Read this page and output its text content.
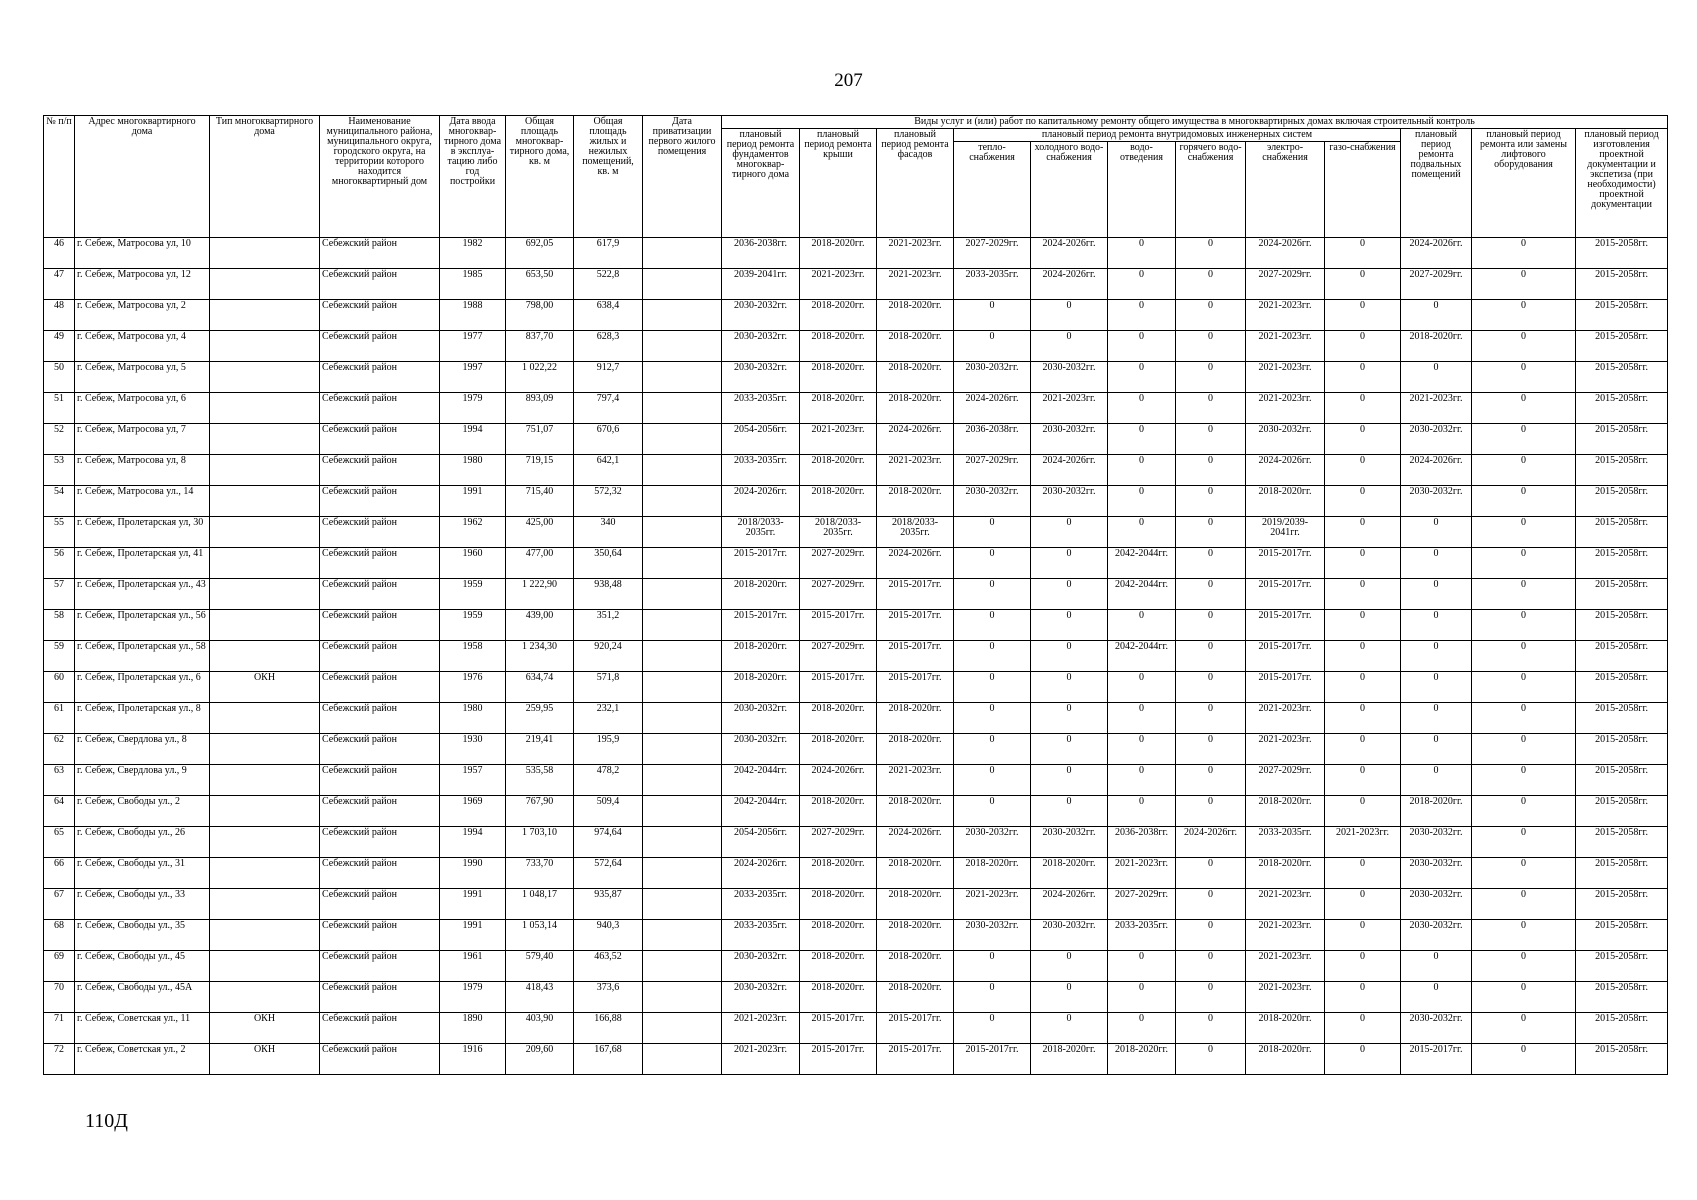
207
№ п/п	Адрес многоквартирного дома	Тип многоквартирного дома	Наименование муниципального района, муниципального округа, городского округа, на территории которого находится многоквартирный дом	Дата ввода многоквар-тирного дома в эксплуа-тацию либо год постройки	Общая площадь многоквар-тирного дома, кв. м	Общая площадь жилых и нежилых помещений, кв. м	Дата приватизации первого жилого помещения	Виды услуг и (или) работ по капитальному ремонту общего имущества в многоквартирных домах включая строительный контроль											
								плановый период ремонта фундаментов многоквар-тирного дома	плановый период ремонта крыши	плановый период ремонта фасадов	плановый период ремонта внутридомовых инженерных систем						плановый период ремонта подвальных помещений	плановый период ремонта или замены лифтового оборудования	плановый период изготовления проектной документации и экспетиза (при необходимости) проектной документации
											тепло-снабжения	холодного водо-снабжения	водо-отведения	горячего водо-снабжения	электро-снабжения	газо-снабжения			
46	г. Себеж, Матросова ул, 10		Себежский район	1982	692,05	617,9		2036-2038гг.	2018-2020гг.	2021-2023гг.	2027-2029гг.	2024-2026гг.	0	0	2024-2026гг.	0	2024-2026гг.	0	2015-2058гг.
47	г. Себеж, Матросова ул, 12		Себежский район	1985	653,50	522,8		2039-2041гг.	2021-2023гг.	2021-2023гг.	2033-2035гг.	2024-2026гг.	0	0	2027-2029гг.	0	2027-2029гг.	0	2015-2058гг.
48	г. Себеж, Матросова ул, 2		Себежский район	1988	798,00	638,4		2030-2032гг.	2018-2020гг.	2018-2020гг.	0	0	0	0	2021-2023гг.	0	0	0	2015-2058гг.
49	г. Себеж, Матросова ул, 4		Себежский район	1977	837,70	628,3		2030-2032гг.	2018-2020гг.	2018-2020гг.	0	0	0	0	2021-2023гг.	0	2018-2020гг.	0	2015-2058гг.
50	г. Себеж, Матросова ул, 5		Себежский район	1997	1 022,22	912,7		2030-2032гг.	2018-2020гг.	2018-2020гг.	2030-2032гг.	2030-2032гг.	0	0	2021-2023гг.	0	0	0	2015-2058гг.
51	г. Себеж, Матросова ул, 6		Себежский район	1979	893,09	797,4		2033-2035гг.	2018-2020гг.	2018-2020гг.	2024-2026гг.	2021-2023гг.	0	0	2021-2023гг.	0	2021-2023гг.	0	2015-2058гг.
52	г. Себеж, Матросова ул, 7		Себежский район	1994	751,07	670,6		2054-2056гг.	2021-2023гг.	2024-2026гг.	2036-2038гг.	2030-2032гг.	0	0	2030-2032гг.	0	2030-2032гг.	0	2015-2058гг.
53	г. Себеж, Матросова ул, 8		Себежский район	1980	719,15	642,1		2033-2035гг.	2018-2020гг.	2021-2023гг.	2027-2029гг.	2024-2026гг.	0	0	2024-2026гг.	0	2024-2026гг.	0	2015-2058гг.
54	г. Себеж, Матросова ул., 14		Себежский район	1991	715,40	572,32		2024-2026гг.	2018-2020гг.	2018-2020гг.	2030-2032гг.	2030-2032гг.	0	0	2018-2020гг.	0	2030-2032гг.	0	2015-2058гг.
55	г. Себеж, Пролетарская ул, 30		Себежский район	1962	425,00	340		2018/2033-2035гг.	2018/2033-2035гг.	2018/2033-2035гг.	0	0	0	0	2019/2039-2041гг.	0	0	0	2015-2058гг.
56	г. Себеж, Пролетарская ул, 41		Себежский район	1960	477,00	350,64		2015-2017гг.	2027-2029гг.	2024-2026гг.	0	0	2042-2044гг.	0	2015-2017гг.	0	0	0	2015-2058гг.
57	г. Себеж, Пролетарская ул., 43		Себежский район	1959	1 222,90	938,48		2018-2020гг.	2027-2029гг.	2015-2017гг.	0	0	2042-2044гг.	0	2015-2017гг.	0	0	0	2015-2058гг.
58	г. Себеж, Пролетарская ул., 56		Себежский район	1959	439,00	351,2		2015-2017гг.	2015-2017гг.	2015-2017гг.	0	0	0	0	2015-2017гг.	0	0	0	2015-2058гг.
59	г. Себеж, Пролетарская ул., 58		Себежский район	1958	1 234,30	920,24		2018-2020гг.	2027-2029гг.	2015-2017гг.	0	0	2042-2044гг.	0	2015-2017гг.	0	0	0	2015-2058гг.
60	г. Себеж, Пролетарская ул., 6	ОКН	Себежский район	1976	634,74	571,8		2018-2020гг.	2015-2017гг.	2015-2017гг.	0	0	0	0	2015-2017гг.	0	0	0	2015-2058гг.
61	г. Себеж, Пролетарская ул., 8		Себежский район	1980	259,95	232,1		2030-2032гг.	2018-2020гг.	2018-2020гг.	0	0	0	0	2021-2023гг.	0	0	0	2015-2058гг.
62	г. Себеж, Свердлова ул., 8		Себежский район	1930	219,41	195,9		2030-2032гг.	2018-2020гг.	2018-2020гг.	0	0	0	0	2021-2023гг.	0	0	0	2015-2058гг.
63	г. Себеж, Свердлова ул., 9		Себежский район	1957	535,58	478,2		2042-2044гг.	2024-2026гг.	2021-2023гг.	0	0	0	0	2027-2029гг.	0	0	0	2015-2058гг.
64	г. Себеж, Свободы ул., 2		Себежский район	1969	767,90	509,4		2042-2044гг.	2018-2020гг.	2018-2020гг.	0	0	0	0	2018-2020гг.	0	2018-2020гг.	0	2015-2058гг.
65	г. Себеж, Свободы ул., 26		Себежский район	1994	1 703,10	974,64		2054-2056гг.	2027-2029гг.	2024-2026гг.	2030-2032гг.	2030-2032гг.	2036-2038гг.	2024-2026гг.	2033-2035гг.	2021-2023гг.	2030-2032гг.	0	2015-2058гг.
66	г. Себеж, Свободы ул., 31		Себежский район	1990	733,70	572,64		2024-2026гг.	2018-2020гг.	2018-2020гг.	2018-2020гг.	2018-2020гг.	2021-2023гг.	0	2018-2020гг.	0	2030-2032гг.	0	2015-2058гг.
67	г. Себеж, Свободы ул., 33		Себежский район	1991	1 048,17	935,87		2033-2035гг.	2018-2020гг.	2018-2020гг.	2021-2023гг.	2024-2026гг.	2027-2029гг.	0	2021-2023гг.	0	2030-2032гг.	0	2015-2058гг.
68	г. Себеж, Свободы ул., 35		Себежский район	1991	1 053,14	940,3		2033-2035гг.	2018-2020гг.	2018-2020гг.	2030-2032гг.	2030-2032гг.	2033-2035гг.	0	2021-2023гг.	0	2030-2032гг.	0	2015-2058гг.
69	г. Себеж, Свободы ул., 45		Себежский район	1961	579,40	463,52		2030-2032гг.	2018-2020гг.	2018-2020гг.	0	0	0	0	2021-2023гг.	0	0	0	2015-2058гг.
70	г. Себеж, Свободы ул., 45А		Себежский район	1979	418,43	373,6		2030-2032гг.	2018-2020гг.	2018-2020гг.	0	0	0	0	2021-2023гг.	0	0	0	2015-2058гг.
71	г. Себеж, Советская ул., 11	ОКН	Себежский район	1890	403,90	166,88		2021-2023гг.	2015-2017гг.	2015-2017гг.	0	0	0	0	2018-2020гг.	0	2030-2032гг.	0	2015-2058гг.
72	г. Себеж, Советская ул., 2	ОКН	Себежский район	1916	209,60	167,68		2021-2023гг.	2015-2017гг.	2015-2017гг.	2015-2017гг.	2018-2020гг.	2018-2020гг.	0	2018-2020гг.	0	2015-2017гг.	0	2015-2058гг.
110Д
